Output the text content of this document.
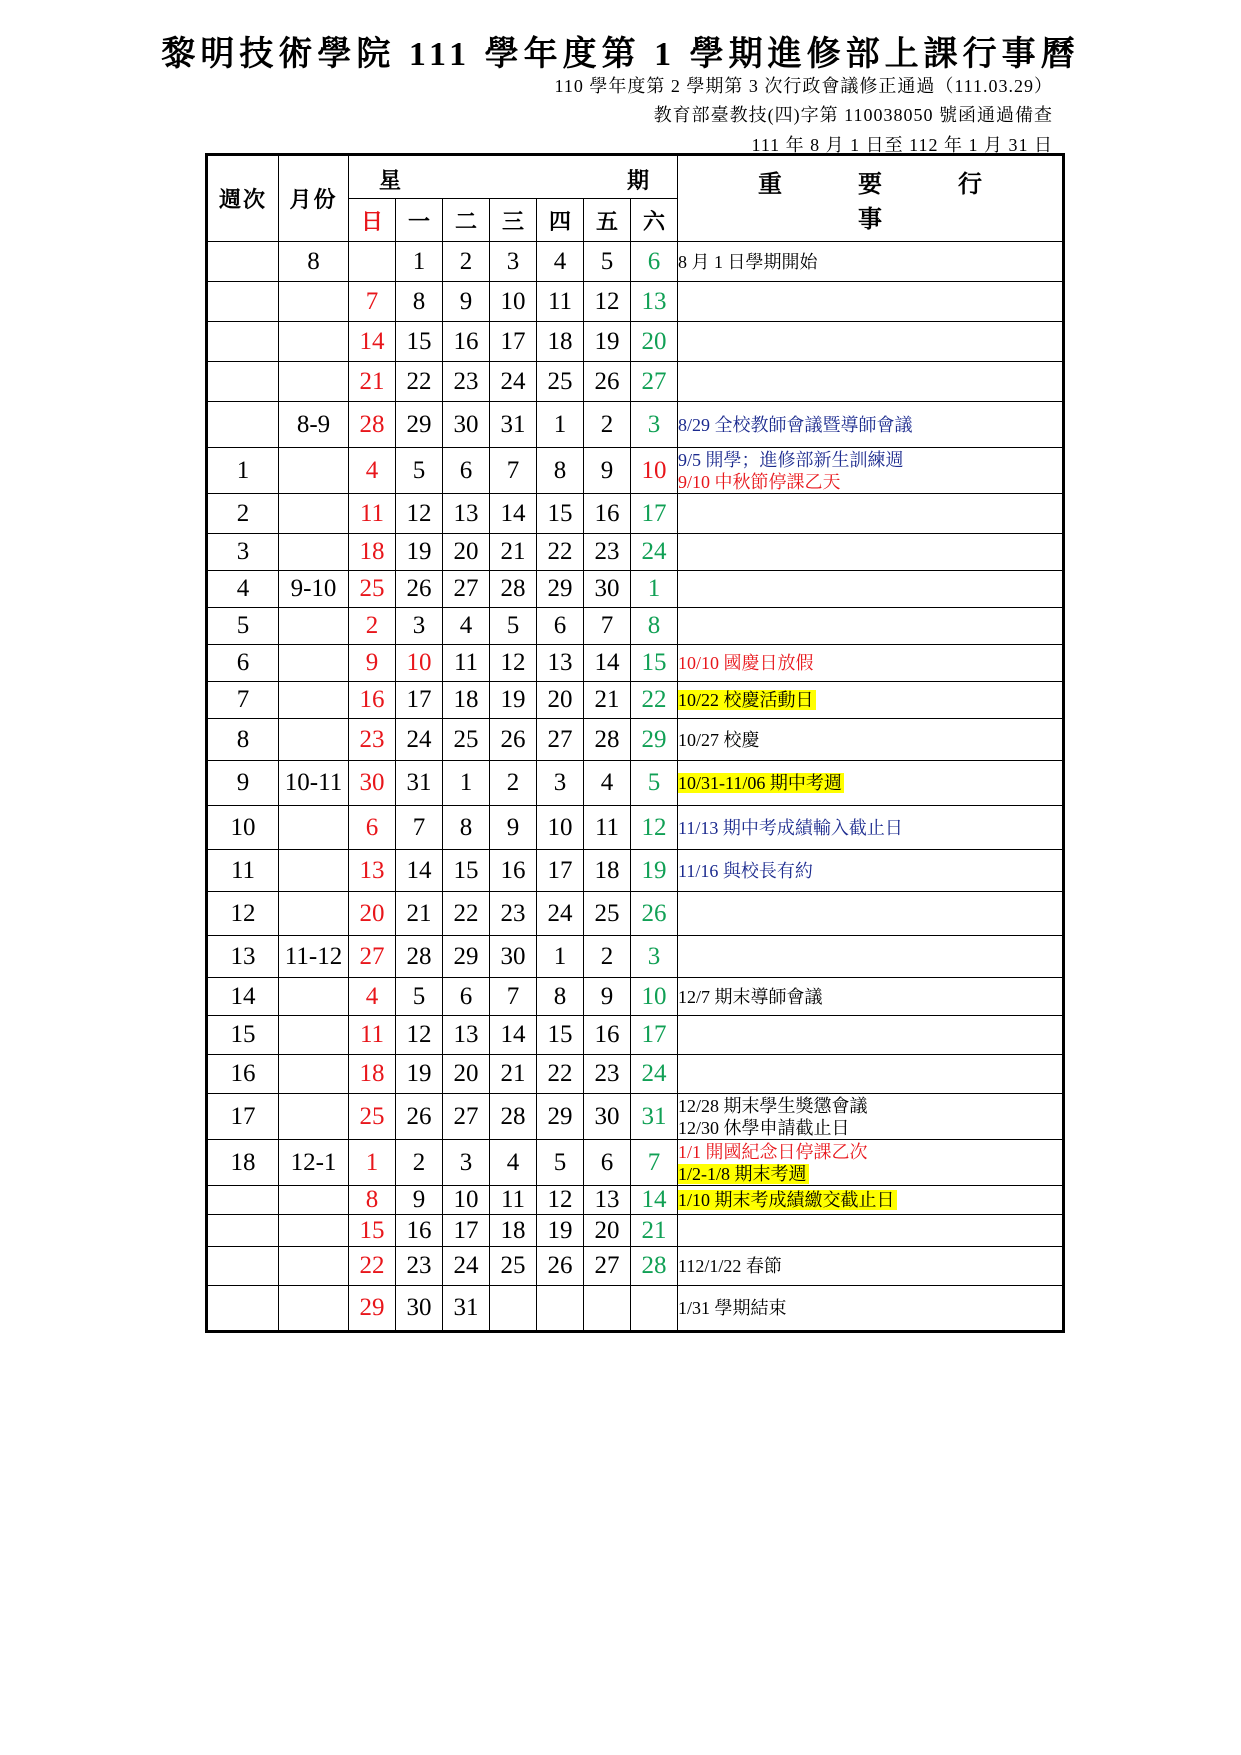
黎明技術學院 111 學年度第 1 學期進修部上課行事曆
110 學年度第 2 學期第 3 次行政會議修正通過（111.03.29）
教育部臺教技(四)字第 110038050 號函通過備查
111 年 8 月 1 日至 112 年 1 月 31 日
週次	月份	星 期							重 要 行事
		日	一	二	三	四	五	六	
	8		1	2	3	4	5	6	8 月 1 日學期開始

		7	8	9	10	11	12	13	
		14	15	16	17	18	19	20	
		21	22	23	24	25	26	27	
	8-9	28	29	30	31	1	2	3	8/29 全校教師會議暨導師會議

1		4	5	6	7	8	9	10	9/5 開學；進修部新生訓練週
9/10 中秋節停課乙天

2		11	12	13	14	15	16	17	
3		18	19	20	21	22	23	24	
4	9-10	25	26	27	28	29	30	1	
5		2	3	4	5	6	7	8	
6		9	10	11	12	13	14	15	10/10 國慶日放假

7		16	17	18	19	20	21	22	10/22 校慶活動日

8		23	24	25	26	27	28	29	10/27 校慶

9	10-11	30	31	1	2	3	4	5	10/31-11/06 期中考週

10		6	7	8	9	10	11	12	11/13 期中考成績輸入截止日

11		13	14	15	16	17	18	19	11/16 與校長有約

12		20	21	22	23	24	25	26	
13	11-12	27	28	29	30	1	2	3	
14		4	5	6	7	8	9	10	12/7 期末導師會議

15		11	12	13	14	15	16	17	
16		18	19	20	21	22	23	24	
17		25	26	27	28	29	30	31	12/28 期末學生獎懲會議
12/30 休學申請截止日

18	12-1	1	2	3	4	5	6	7	1/1 開國紀念日停課乙次
1/2-1/8 期末考週

		8	9	10	11	12	13	14	1/10 期末考成績繳交截止日

		15	16	17	18	19	20	21	
		22	23	24	25	26	27	28	112/1/22 春節

		29	30	31					1/31 學期結束
